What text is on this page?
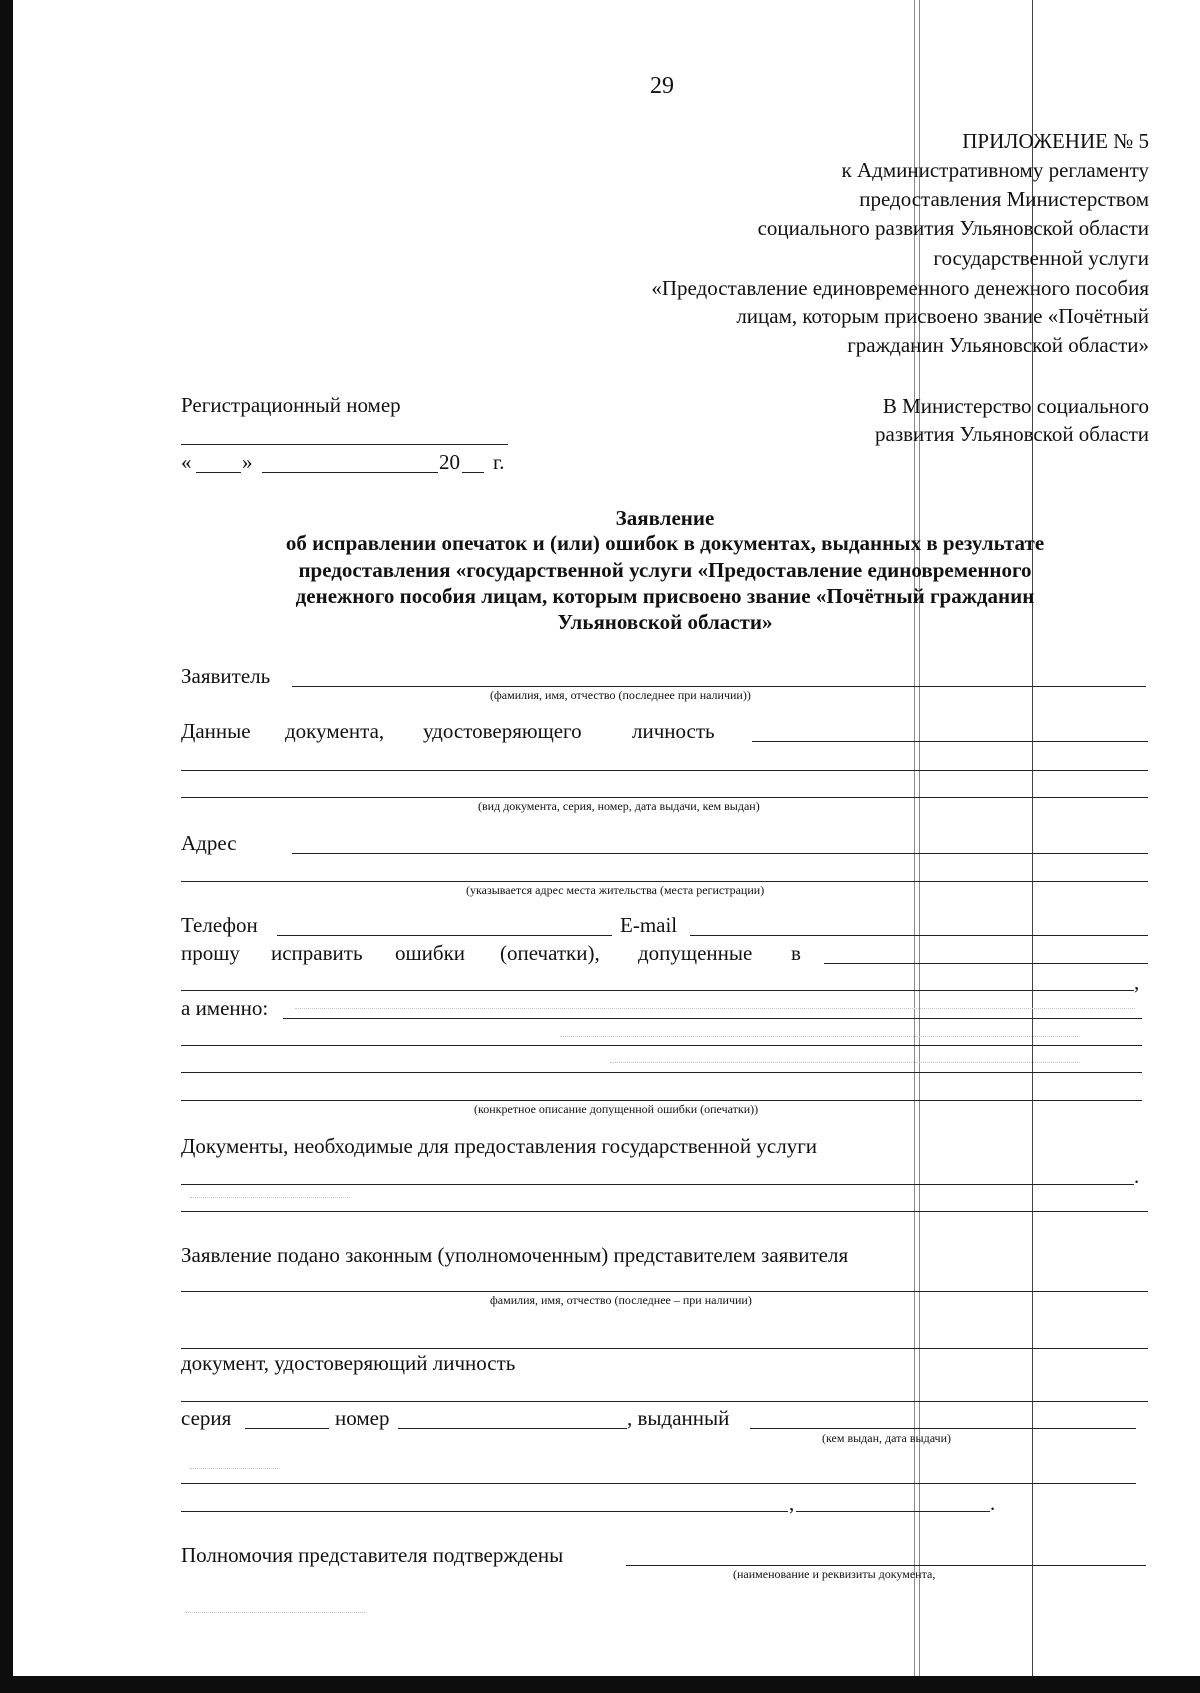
29
ПРИЛОЖЕНИЕ № 5
к Административному регламенту
предоставления Министерством
социального развития Ульяновской области
государственной услуги
«Предоставление единовременного денежного пособия
лицам, которым присвоено звание «Почётный
гражданин Ульяновской области»
Регистрационный номер
« »	20 г.
В Министерство социального
развития Ульяновской области
Заявление
об исправлении опечаток и (или) ошибок в документах, выданных в результате
предоставления «государственной услуги «Предоставление единовременного
денежного пособия лицам, которым присвоено звание «Почётный гражданин
Ульяновской области»
Заявитель
(фамилия, имя, отчество (последнее при наличии))
Данные документа, удостоверяющего личность
(вид документа, серия, номер, дата выдачи, кем выдан)
Адрес
(указывается адрес места жительства (места регистрации)
Телефон	E-mail
прошу исправить ошибки (опечатки), допущенные в
,
а именно:
(конкретное описание допущенной ошибки (опечатки))
Документы, необходимые для предоставления государственной услуги
.
Заявление подано законным (уполномоченным) представителем заявителя
фамилия, имя, отчество (последнее – при наличии)
документ, удостоверяющий личность
серия	номер	, выданный
(кем выдан, дата выдачи)
,	.
Полномочия представителя подтверждены
(наименование и реквизиты документа,
